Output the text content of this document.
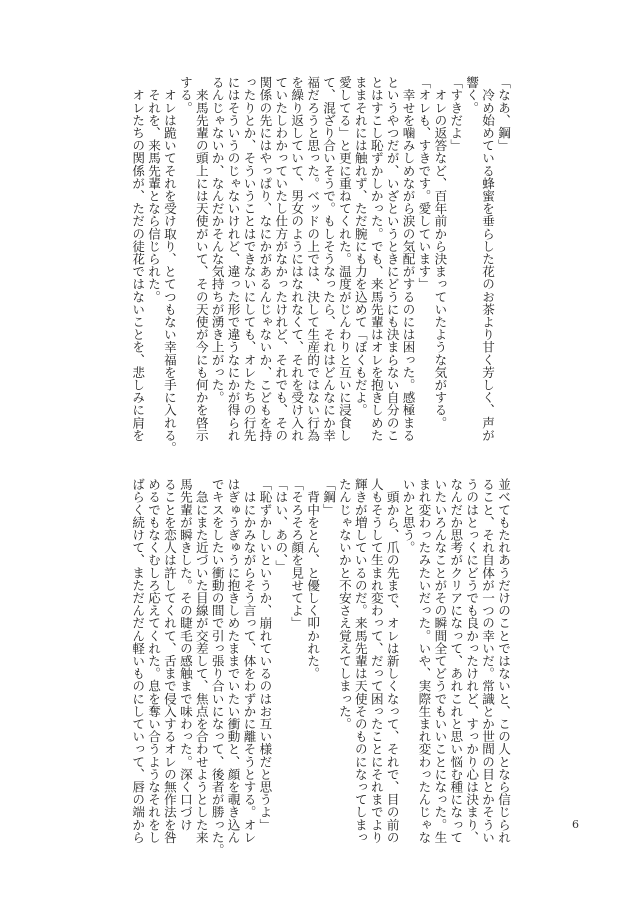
「なあ、鋼」
　冷め始めている蜂蜜を垂らした花のお茶より甘く芳しく、声が
響く。
「すきだよ」
　オレの返答など、百年前から決まっていたような気がする。
「オレも、すきです。愛しています」
　幸せを噛みしめながら涙の気配がするのには困った。感極まる
というやつだが、いざというときにどうにも決まらない自分のこ
とはすこし恥ずかしかった。でも、来馬先輩はオレを抱きしめた
ままそれには触れず、ただ腕にも力を込めて「ぼくもだよ。
愛してる」と更に重ねてくれた。温度がじんわりと互いに浸食し
て、混ざり合いそうで。もしそうなったら、それはどんなにか幸
福だろうと思った。ベッドの上では、決して生産的ではない行為
を繰り返していて、男女のようにはなれなくて、それを受け入れ
ていたしわかっていたし仕方がなかったけれど、それでも、その
関係の先にはやっぱり、なにかがあるんじゃないか、こどもを持
ったりとか、そういうことはできないにしても、オレたちの行先
にはそういうのじゃないけれど、違った形で違うなにかが得られ
るんじゃないか、なんだかそんな気持ちが湧き上がった。
　来馬先輩の頭上には天使がいて、その天使が今にも何かを啓示
する。
　オレは跪いてそれを受け取り、とてつもない幸福を手に入れる。
　それを、来馬先輩となら信じられた。
　オレたちの関係が、ただの徒花ではないことを、悲しみに肩を
並べてもたれあうだけのことではないと、この人となら信じられ
ること、それ自体が一つの幸いだ。常識とか世間の目とかそうい
うのはとっくにどうでも良かったけれど、すっかり心は決まり、
なんだか思考がクリアになって、あれこれと思い悩む種になって
いたいろんなことがその瞬間全てどうでもいいことになった。生
まれ変わったみたいだった。いや、実際生まれ変わったんじゃな
いかと思う。
　頭から、爪の先まで、オレは新しくなって、それで、目の前の
人もそうして生まれ変わって、だって困ったことにそれまでより
輝きが増しているのだ。来馬先輩は天使そのものになってしまっ
たんじゃないかと不安さえ覚えてしまった。
「鋼」
　背中をとん、と優しく叩かれた。
「そろそろ顔を見せてよ」
「はい、あの、」
「恥ずかしいというか、崩れているのはお互い様だと思うよ」
　はにかみながらそう言って、体をわずかに離そうとする。オレ
はぎゅうぎゅうに抱きしめたままでいたい衝動と、顔を覗き込ん
でキスをしたい衝動の間で引っ張り合いになって、後者が勝った。
　急にまた近づいた目線が交差して、焦点を合わせようとした来
馬先輩が瞬きした。その睫毛の感触まで味わった。深く口づけ
ることを恋人は許してくれて、舌まで侵入するオレの無作法を咎
めるでもなくむしろ応えてくれた。息を奪い合うようなそれをし
ばらく続けて、まただんだん軽いものにしていって、唇の端から	6
